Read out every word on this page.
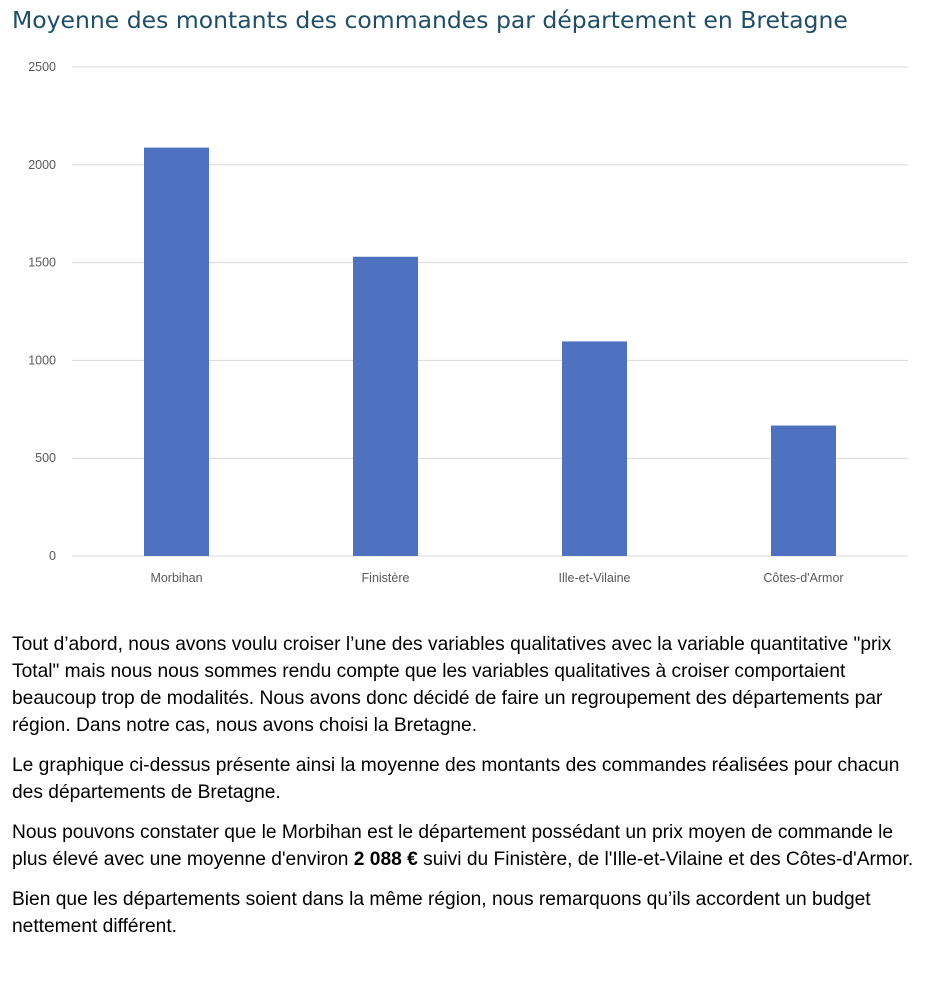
Moyenne des montants des commandes par département en Bretagne
0
500
1000
1500
2000
2500
Morbihan	Finistère	Ille-et-Vilaine	Côtes-d'Armor

Tout d’abord, nous avons voulu croiser l’une des variables qualitatives avec la variable quantitative "prix Total" mais nous nous sommes rendu compte que les variables qualitatives à croiser comportaient beaucoup trop de modalités. Nous avons donc décidé de faire un regroupement des départements par région. Dans notre cas, nous avons choisi la Bretagne.

Le graphique ci-dessus présente ainsi la moyenne des montants des commandes réalisées pour chacun des départements de Bretagne.

Nous pouvons constater que le Morbihan est le département possédant un prix moyen de commande le plus élevé avec une moyenne d'environ 2 088 € suivi du Finistère, de l'Ille-et-Vilaine et des Côtes-d'Armor.

Bien que les départements soient dans la même région, nous remarquons qu’ils accordent un budget nettement différent.
